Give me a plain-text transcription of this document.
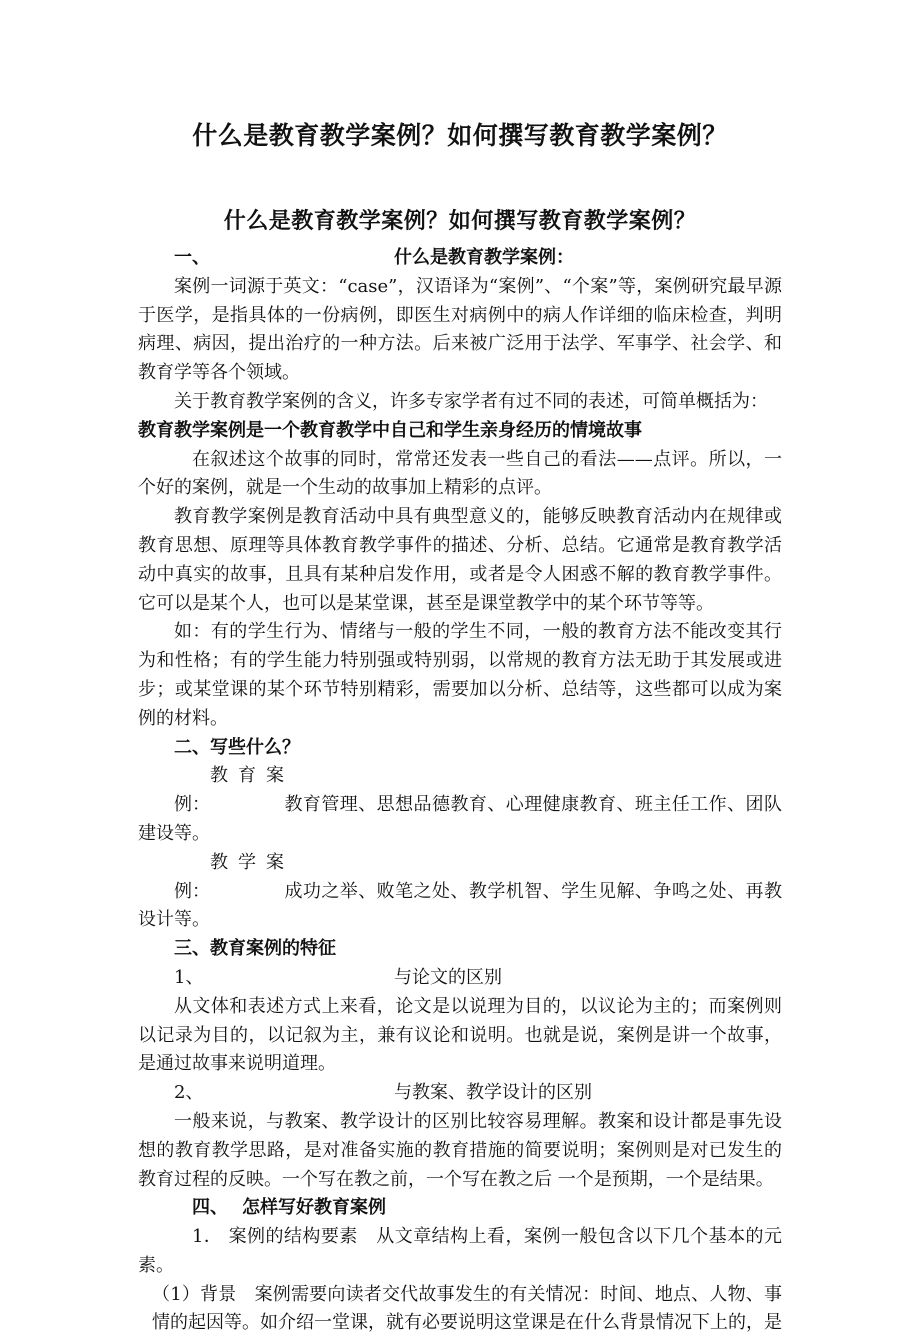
什么是教育教学案例？如何撰写教育教学案例？
什么是教育教学案例？如何撰写教育教学案例？
一、	什么是教育教学案例：

案例一词源于英文：“case”，汉语译为“案例”、“个案”等，案例研究最早源于医学，是指具体的一份病例，即医生对病例中的病人作详细的临床检查，判明病理、病因，提出治疗的一种方法。后来被广泛用于法学、军事学、社会学、和教育学等各个领域。

关于教育教学案例的含义，许多专家学者有过不同的表述，可简单概括为：

教育教学案例是一个教育教学中自己和学生亲身经历的情境故事

在叙述这个故事的同时，常常还发表一些自己的看法——点评。所以，一个好的案例，就是一个生动的故事加上精彩的点评。

教育教学案例是教育活动中具有典型意义的，能够反映教育活动内在规律或教育思想、原理等具体教育教学事件的描述、分析、总结。它通常是教育教学活动中真实的故事，且具有某种启发作用，或者是令人困惑不解的教育教学事件。它可以是某个人，也可以是某堂课，甚至是课堂教学中的某个环节等等。

如：有的学生行为、情绪与一般的学生不同，一般的教育方法不能改变其行为和性格；有的学生能力特别强或特别弱，以常规的教育方法无助于其发展或进步；或某堂课的某个环节特别精彩，需要加以分析、总结等，这些都可以成为案例的材料。

二、写些什么？

教育案例：	教育管理、思想品德教育、心理健康教育、班主任工作、团队建设等。

教学案例：	成功之举、败笔之处、教学机智、学生见解、争鸣之处、再教设计等。

三、教育案例的特征

1、	与论文的区别

从文体和表述方式上来看，论文是以说理为目的，以议论为主的；而案例则以记录为目的，以记叙为主，兼有议论和说明。也就是说，案例是讲一个故事，是通过故事来说明道理。

2、	与教案、教学设计的区别

一般来说，与教案、教学设计的区别比较容易理解。教案和设计都是事先设想的教育教学思路，是对准备实施的教育措施的简要说明；案例则是对已发生的教育过程的反映。一个写在教之前，一个写在教之后 一个是预期，一个是结果。

四、 怎样写好教育案例

1． 案例的结构要素　从文章结构上看，案例一般包含以下几个基本的元素。

（1）背景　案例需要向读者交代故事发生的有关情况：时间、地点、人物、事情的起因等。如介绍一堂课，就有必要说明这堂课是在什么背景情况下上的，是
